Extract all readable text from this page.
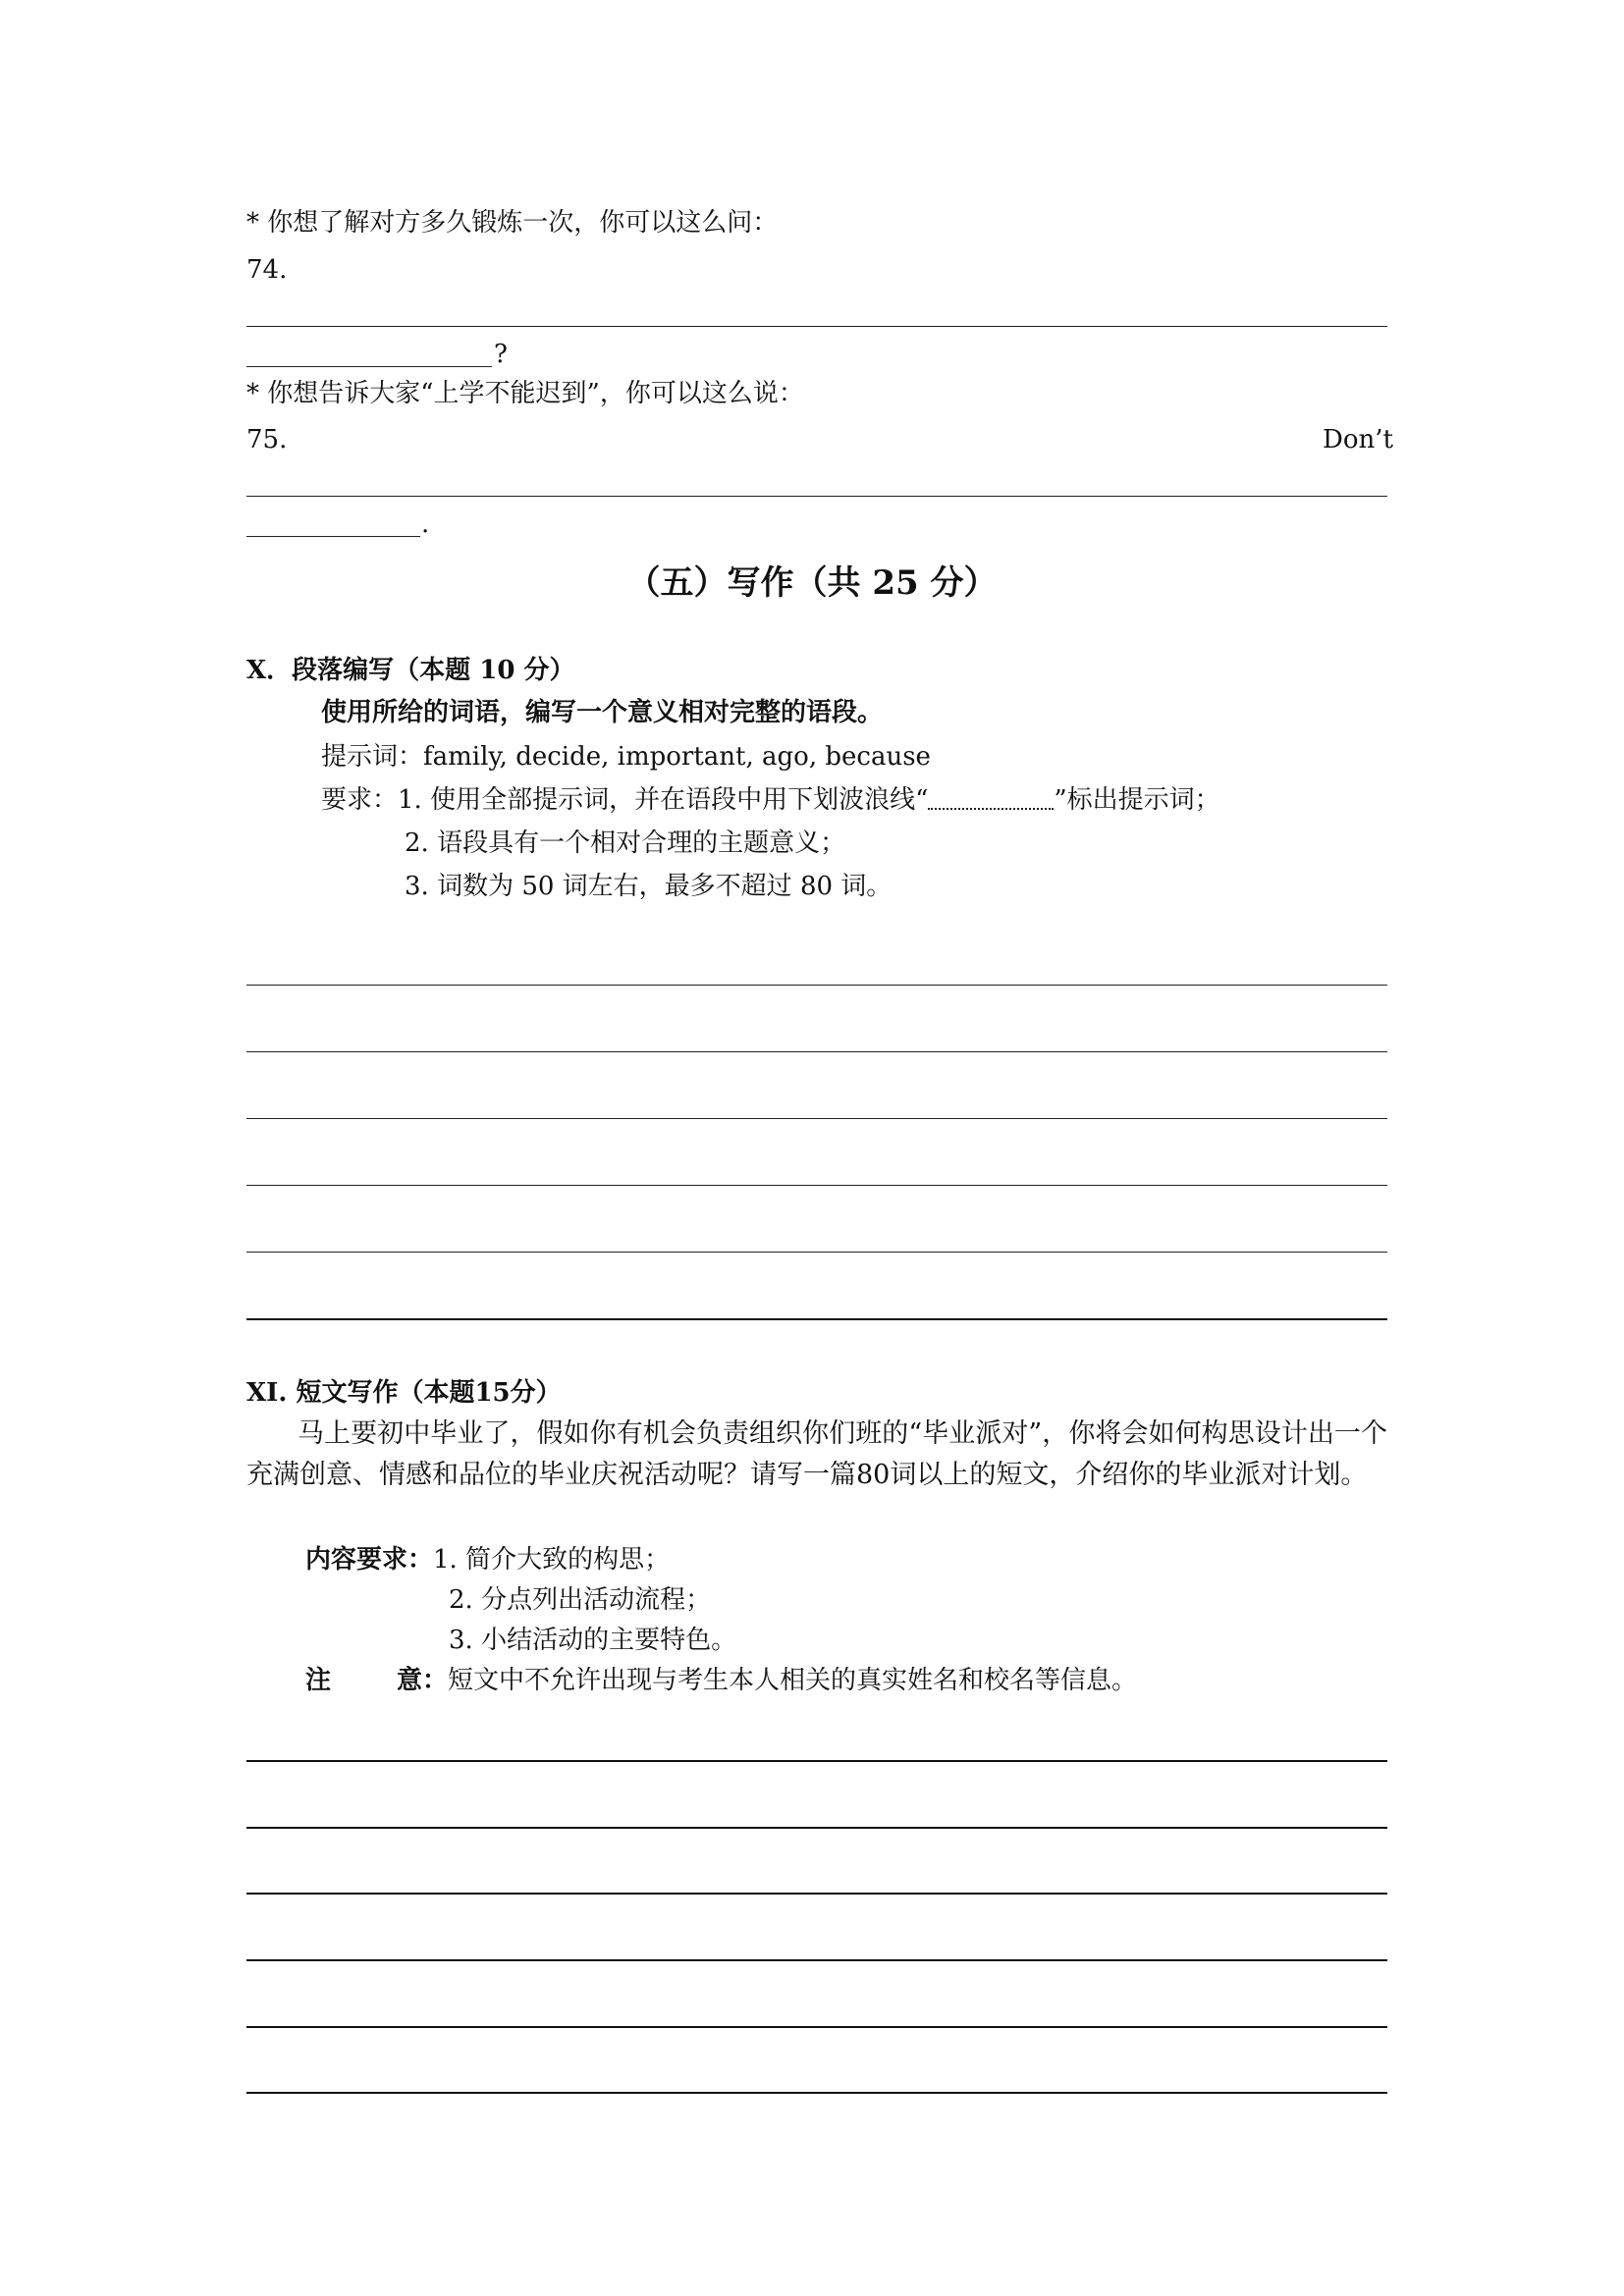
* 你想了解对方多久锻炼一次，你可以这么问：
74.
?
* 你想告诉大家“上学不能迟到”，你可以这么说：
75.	Don’t
.
（五）写作（共 25 分）
X．段落编写（本题 10 分）
使用所给的词语，编写一个意义相对完整的语段。
提示词：family, decide, important, ago, because
要求：1. 使用全部提示词，并在语段中用下划波浪线“	”标出提示词；
2. 语段具有一个相对合理的主题意义；
3. 词数为 50 词左右，最多不超过 80 词。
XI. 短文写作（本题15分）
马上要初中毕业了，假如你有机会负责组织你们班的“毕业派对”，你将会如何构思设计出一个充满创意、情感和品位的毕业庆祝活动呢？请写一篇80词以上的短文，介绍你的毕业派对计划。
内容要求：1. 简介大致的构思；
2. 分点列出活动流程；
3. 小结活动的主要特色。
注	意：短文中不允许出现与考生本人相关的真实姓名和校名等信息。
